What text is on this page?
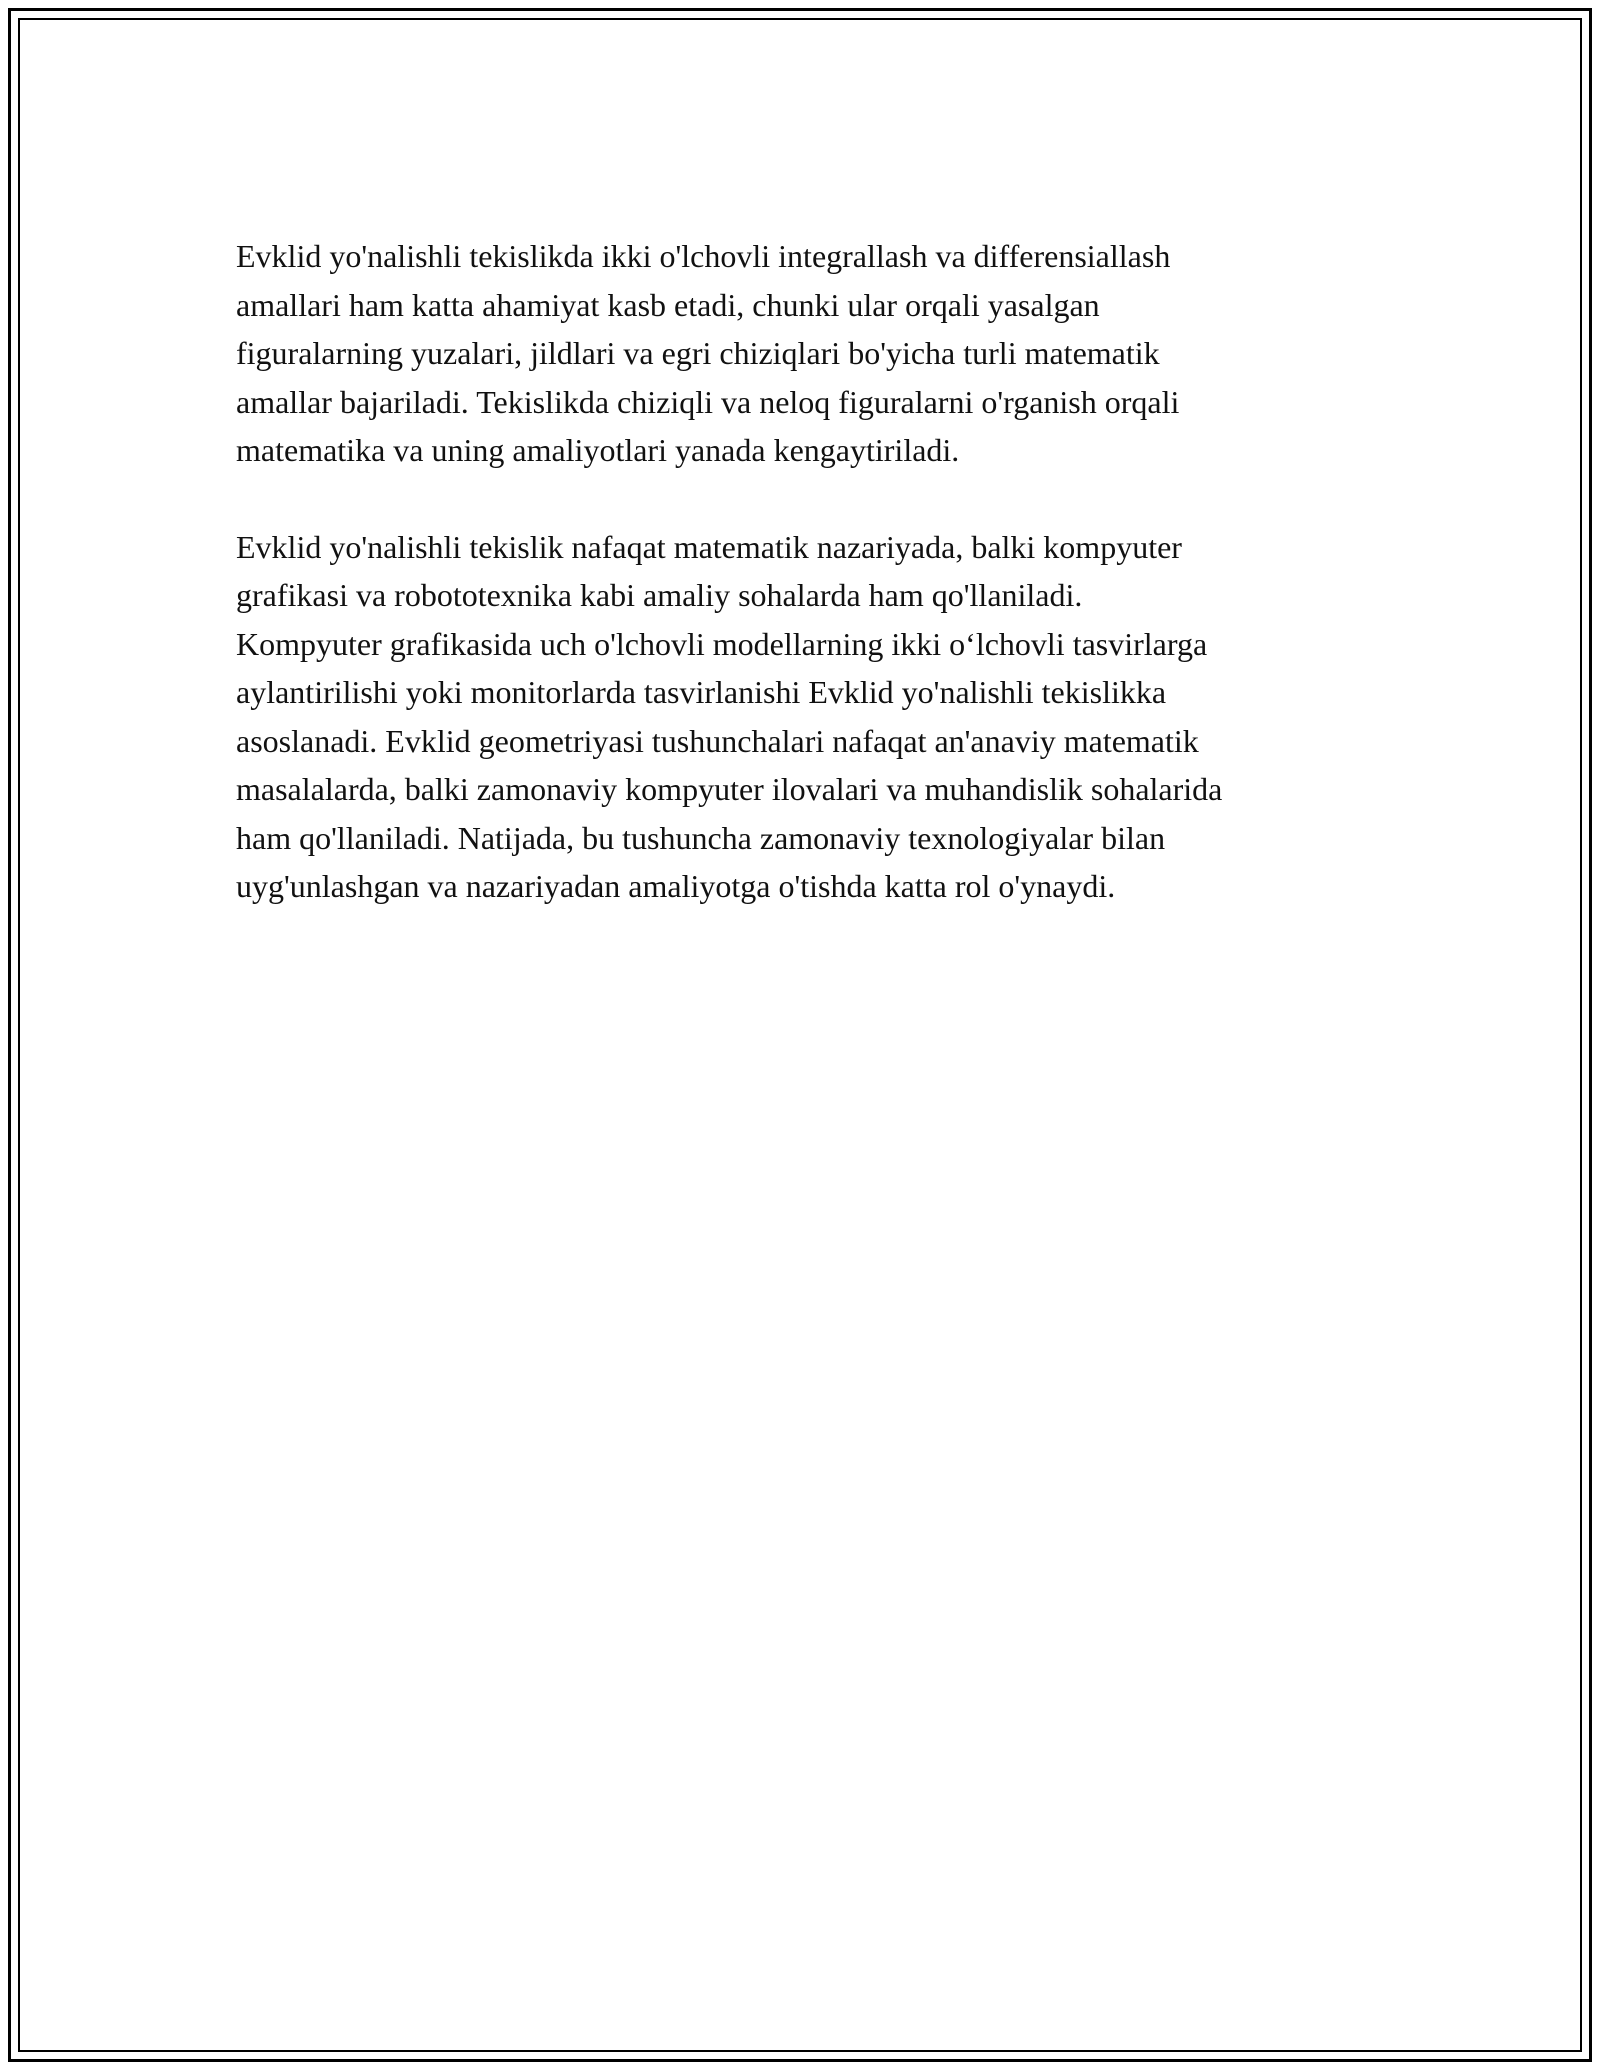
Evklid yo'nalishli tekislikda ikki o'lchovli integrallash va differensiallash
amallari ham katta ahamiyat kasb etadi, chunki ular orqali yasalgan
figuralarning yuzalari, jildlari va egri chiziqlari bo'yicha turli matematik
amallar bajariladi. Tekislikda chiziqli va neloq figuralarni o'rganish orqali
matematika va uning amaliyotlari yanada kengaytiriladi.

Evklid yo'nalishli tekislik nafaqat matematik nazariyada, balki kompyuter
grafikasi va robototexnika kabi amaliy sohalarda ham qo'llaniladi.
Kompyuter grafikasida uch o'lchovli modellarning ikki o‘lchovli tasvirlarga
aylantirilishi yoki monitorlarda tasvirlanishi Evklid yo'nalishli tekislikka
asoslanadi. Evklid geometriyasi tushunchalari nafaqat an'anaviy matematik
masalalarda, balki zamonaviy kompyuter ilovalari va muhandislik sohalarida
ham qo'llaniladi. Natijada, bu tushuncha zamonaviy texnologiyalar bilan
uyg'unlashgan va nazariyadan amaliyotga o'tishda katta rol o'ynaydi.
